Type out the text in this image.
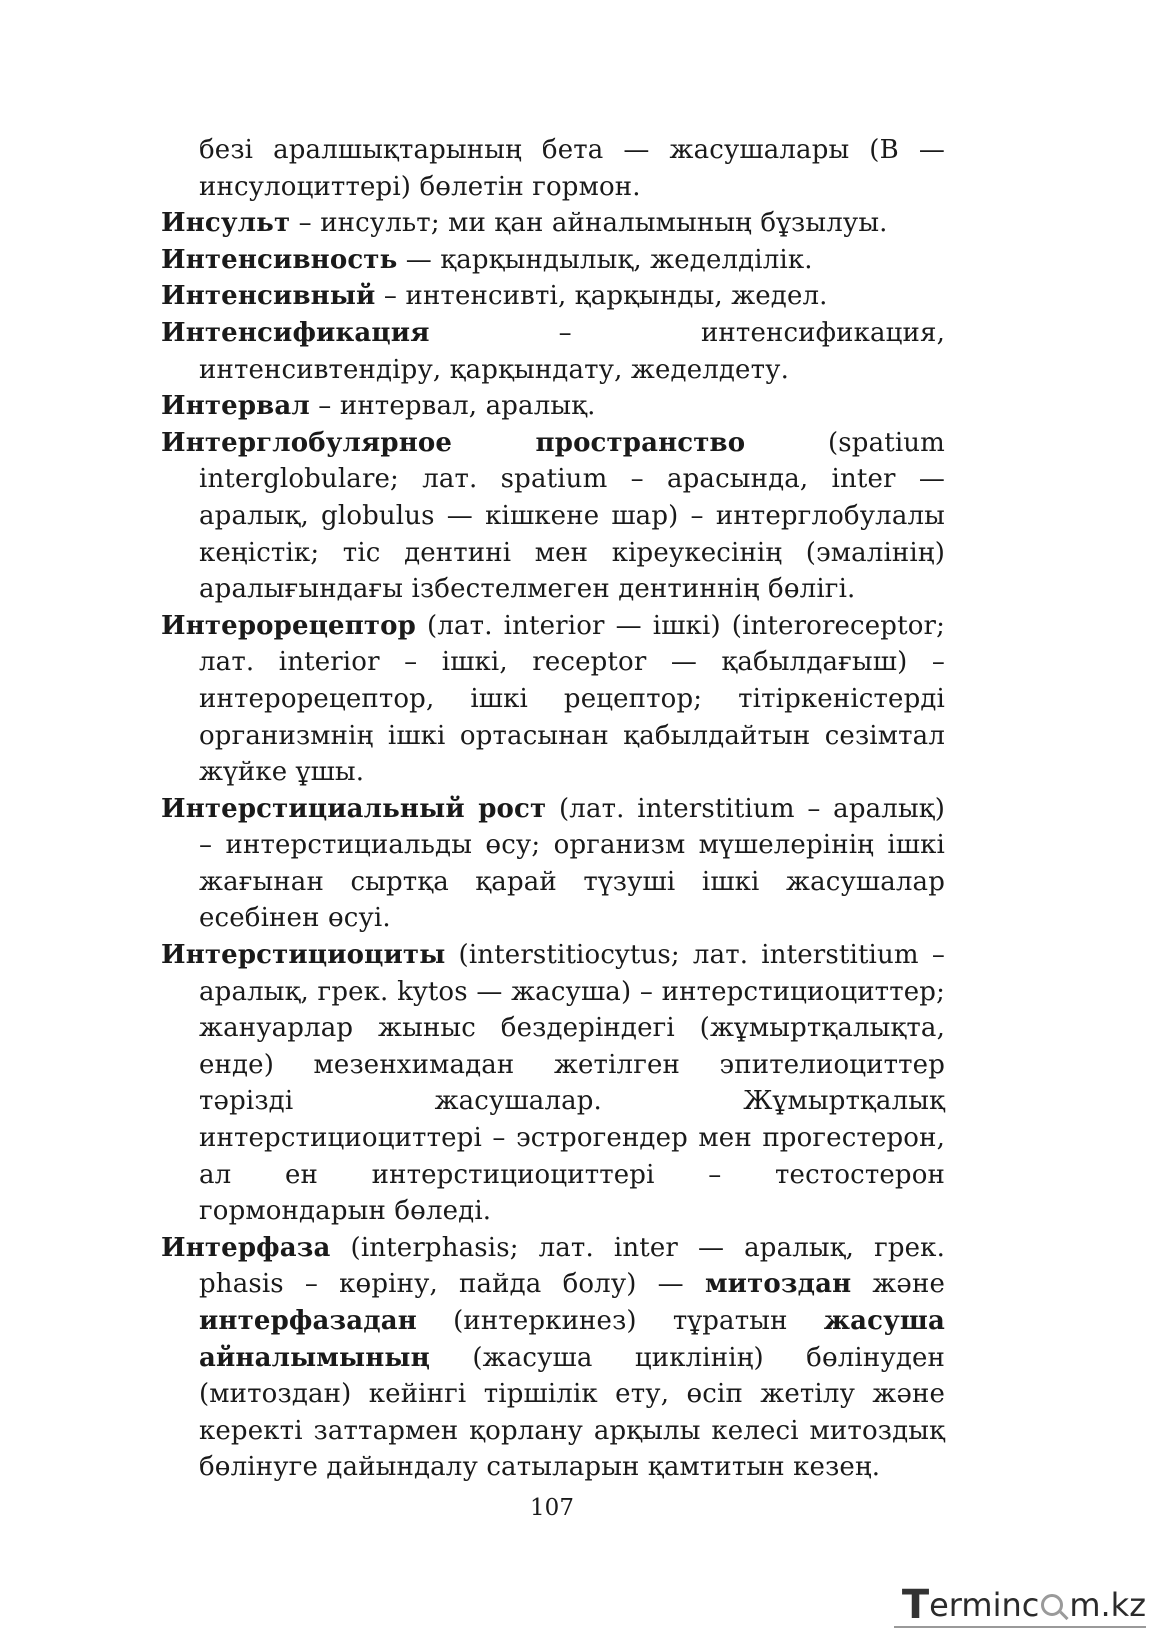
безі аралшықтарының бета — жасушалары (В — инсулоциттері) бөлетін гормон.

Инсульт – инсульт; ми қан айналымының бұзылуы.

Интенсивность — қарқындылық, жеделділік.

Интенсивный – интенсивті, қарқынды, жедел.

Интенсификация – интенсификация, интенсивтендіру, қарқындату, жеделдету.

Интервал – интервал, аралық.

Интерглобулярное пространство (spatium interglobulare; лат. spatium – арасында, inter — аралық, globulus — кішкене шар) – интерглобулалы кеңістік; тіс дентині мен кіреукесінің (эмалінің) аралығындағы ізбестелмеген дентиннің бөлігі.

Интерорецептор (лат. interior — ішкі) (interoreceptor; лат. interior – ішкі, receptor — қабылдағыш) – интерорецептор, ішкі рецептор; тітіркеністерді организмнің ішкі ортасынан қабылдайтын сезімтал жүйке ұшы.

Интерстициальный рост (лат. interstitium – аралық) – интерстициальды өсу; организм мүшелерінің ішкі жағынан сыртқа қарай түзуші ішкі жасушалар есебінен өсуі.

Интерстициоциты (interstitiocytus; лат. interstitium – аралық, грек. kytos — жасуша) – интерстициоциттер; жануарлар жыныс бездеріндегі (жұмыртқалықта, енде) мезенхимадан жетілген эпителиоциттер тәрізді жасушалар. Жұмыртқалық интерстициоциттері – эстрогендер мен прогестерон, ал ен интерстициоциттері – тестостерон гормондарын бөледі.

Интерфаза (interphasis; лат. inter — аралық, грек. phasis – көріну, пайда болу) — митоздан және интерфазадан (интеркинез) тұратын жасуша айналымының (жасуша циклінің) бөлінуден (митоздан) кейінгі тіршілік ету, өсіп жетілу және керекті заттармен қорлану арқылы келесі митоздық бөлінуге дайындалу сатыларын қамтитын кезең.

107
T ermin c m.kz
